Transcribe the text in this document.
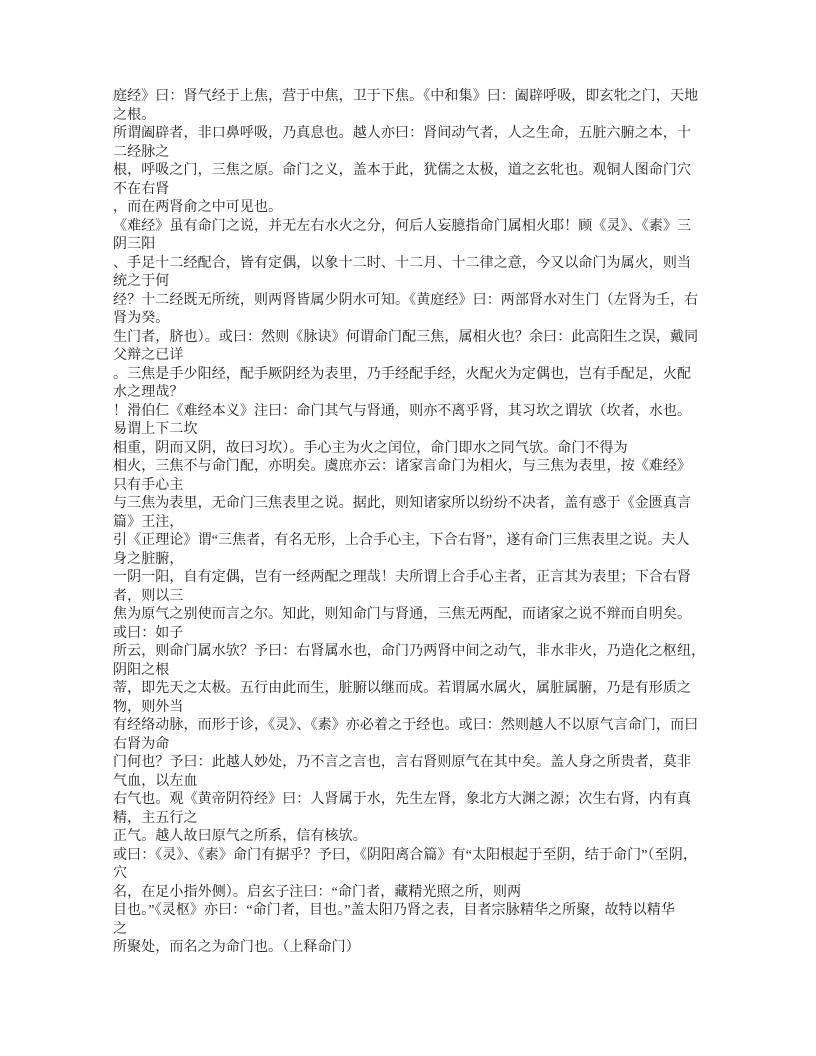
庭经》曰：肾气经于上焦，营于中焦，卫于下焦。《中和集》曰：阖辟呼吸，即玄牝之门，天地
之根。
所谓阖辟者，非口鼻呼吸，乃真息也。越人亦曰：肾间动气者，人之生命，五脏六腑之本，十
二经脉之
根，呼吸之门，三焦之原。命门之义，盖本于此，犹儒之太极，道之玄牝也。观铜人图命门穴
不在右肾
，而在两肾俞之中可见也。
《难经》虽有命门之说，并无左右水火之分，何后人妄臆指命门属相火耶！顾《灵》、《素》三
阴三阳
、手足十二经配合，皆有定偶，以象十二时、十二月、十二律之意，今又以命门为属火，则当
统之于何
经？十二经既无所统，则两肾皆属少阴水可知。《黄庭经》曰：两部肾水对生门（左肾为壬，右
肾为癸。
生门者，脐也）。或曰：然则《脉诀》何谓命门配三焦，属相火也？余曰：此高阳生之误，戴同
父辩之已详
。三焦是手少阳经，配手厥阴经为表里，乃手经配手经，火配火为定偶也，岂有手配足，火配
水之理哉？
！滑伯仁《难经本义》注曰：命门其气与肾通，则亦不离乎肾，其习坎之谓欤（坎者，水也。
易谓上下二坎
相重，阴而又阴，故曰习坎）。手心主为火之闰位，命门即水之同气欤。命门不得为
相火，三焦不与命门配，亦明矣。虞庶亦云：诸家言命门为相火，与三焦为表里，按《难经》
只有手心主
与三焦为表里，无命门三焦表里之说。据此，则知诸家所以纷纷不决者，盖有惑于《金匮真言
篇》王注，
引《正理论》谓“三焦者，有名无形，上合手心主，下合右肾”，遂有命门三焦表里之说。夫人
身之脏腑，
一阴一阳，自有定偶，岂有一经两配之理哉！夫所谓上合手心主者，正言其为表里；下合右肾
者，则以三
焦为原气之别使而言之尔。知此，则知命门与肾通，三焦无两配，而诸家之说不辩而自明矣。
或曰：如子
所云，则命门属水欤？予曰：右肾属水也，命门乃两肾中间之动气，非水非火，乃造化之枢纽，
阴阳之根
蒂，即先天之太极。五行由此而生，脏腑以继而成。若谓属水属火，属脏属腑，乃是有形质之
物，则外当
有经络动脉，而形于诊，《灵》、《素》亦必着之于经也。或曰：然则越人不以原气言命门，而曰
右肾为命
门何也？予曰：此越人妙处，乃不言之言也，言右肾则原气在其中矣。盖人身之所贵者，莫非
气血，以左血
右气也。观《黄帝阴符经》曰：人肾属于水，先生左肾，象北方大渊之源；次生右肾，内有真
精，主五行之
正气。越人故曰原气之所系，信有核欤。
或曰：《灵》、《素》命门有据乎？予曰，《阴阳离合篇》有“太阳根起于至阴，结于命门”（至阴，
穴
名，在足小指外侧）。启玄子注曰：“命门者，藏精光照之所，则两
目也。”《灵枢》亦曰：“命门者，目也。”盖太阳乃肾之表，目者宗脉精华之所聚，故特以精华
之
所聚处，而名之为命门也。（上释命门）
